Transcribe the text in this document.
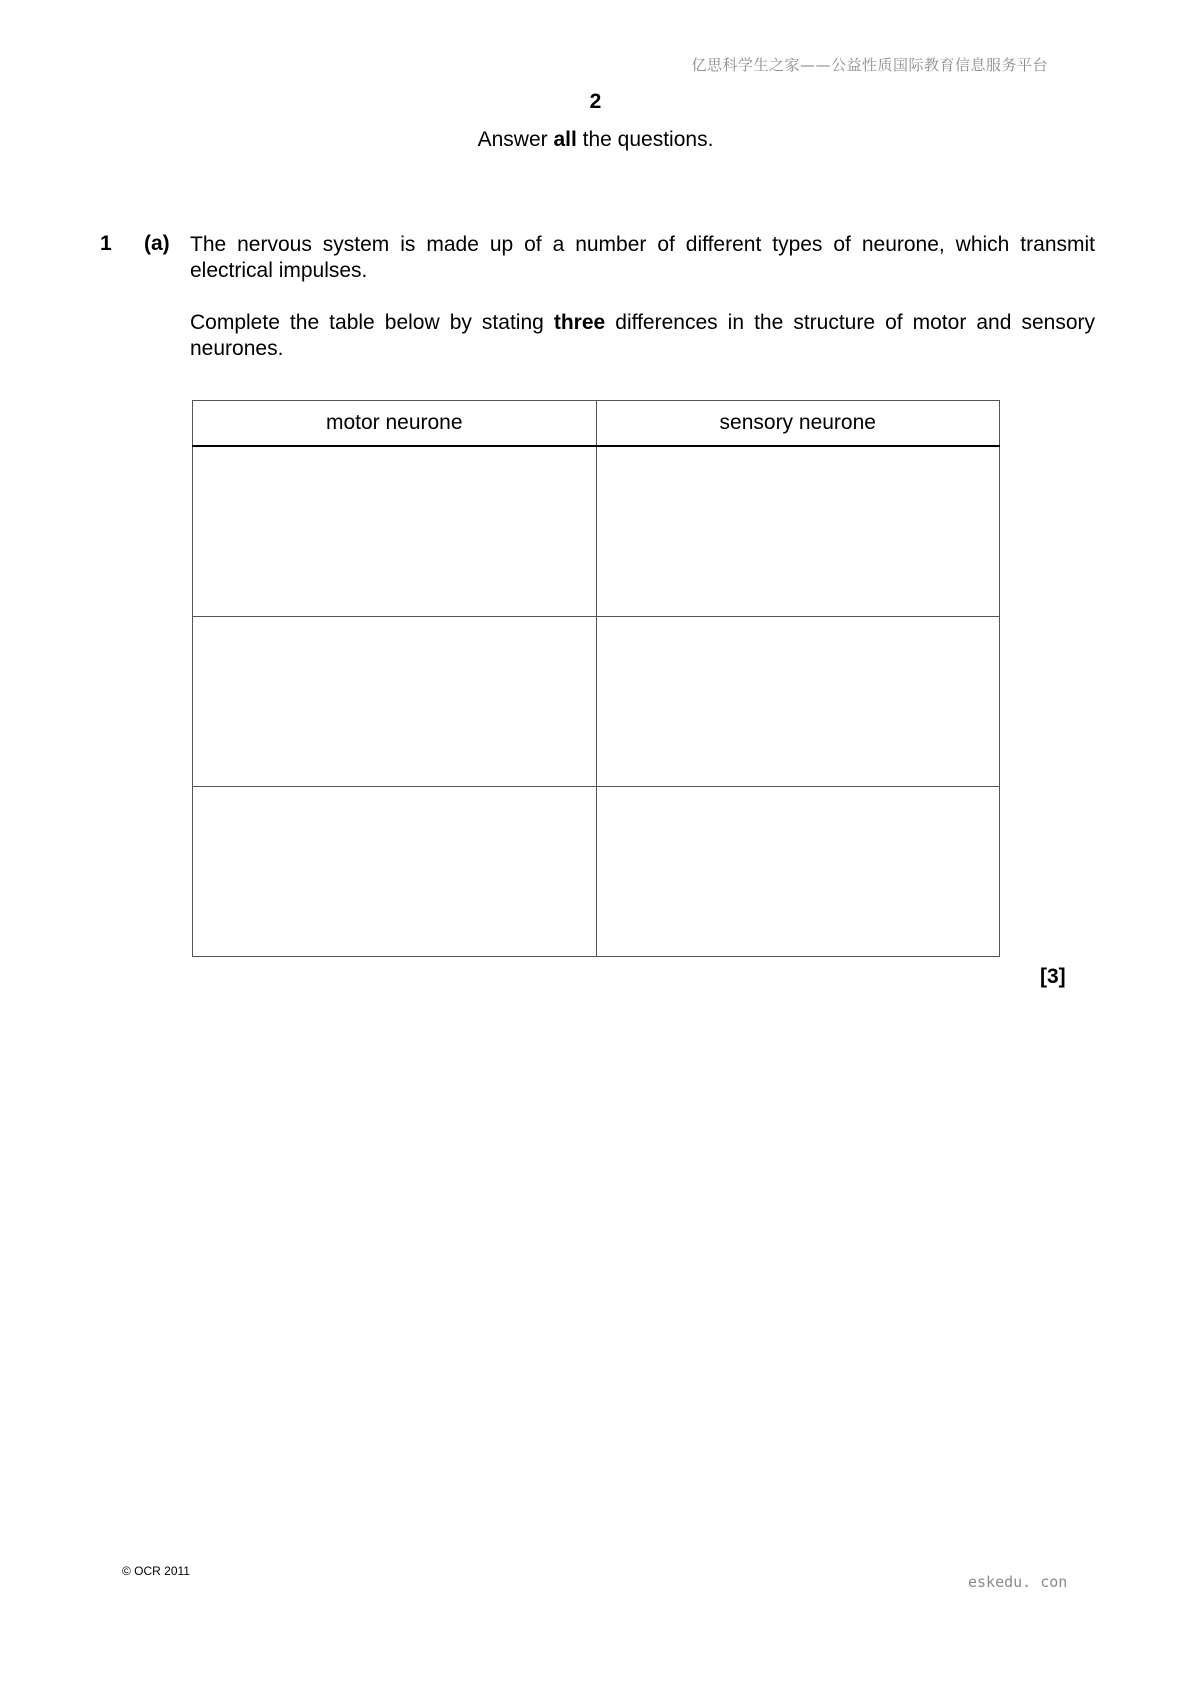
亿思科学生之家——公益性质国际教育信息服务平台
2
Answer all the questions.
1 (a) The nervous system is made up of a number of different types of neurone, which transmit electrical impulses.
Complete the table below by stating three differences in the structure of motor and sensory neurones.
motor neurone	sensory neurone

[3]
© OCR 2011
eskedu. con
